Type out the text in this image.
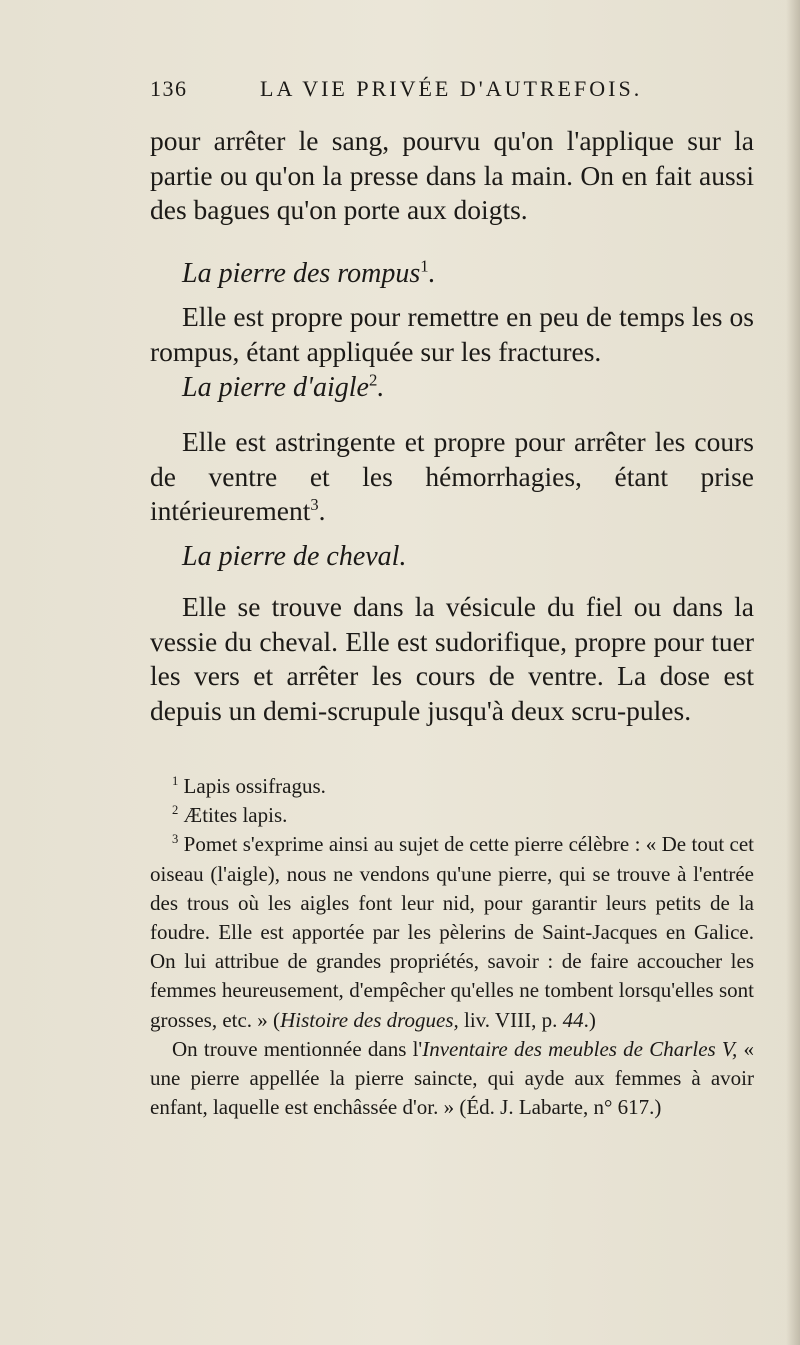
136	LA VIE PRIVÉE D'AUTREFOIS.
pour arrêter le sang, pourvu qu'on l'applique sur la partie ou qu'on la presse dans la main. On en fait aussi des bagues qu'on porte aux doigts.
La pierre des rompus$^1$.
Elle est propre pour remettre en peu de temps les os rompus, étant appliquée sur les fractures.
La pierre d'aigle$^2$.
Elle est astringente et propre pour arrêter les cours de ventre et les hémorrhagies, étant prise intérieurement$^3$.
La pierre de cheval.
Elle se trouve dans la vésicule du fiel ou dans la vessie du cheval. Elle est sudorifique, propre pour tuer les vers et arrêter les cours de ventre. La dose est depuis un demi-scrupule jusqu'à deux scru-pules.

$^1$ Lapis ossifragus.

$^2$ Ætites lapis.

$^3$ Pomet s'exprime ainsi au sujet de cette pierre célèbre : « De tout cet oiseau (l'aigle), nous ne vendons qu'une pierre, qui se trouve à l'entrée des trous où les aigles font leur nid, pour garantir leurs petits de la foudre. Elle est apportée par les pèlerins de Saint-Jacques en Galice. On lui attribue de grandes propriétés, savoir : de faire accoucher les femmes heureusement, d'empêcher qu'elles ne tombent lorsqu'elles sont grosses, etc. » (Histoire des drogues, liv. VIII, p. 44.)

On trouve mentionnée dans l'Inventaire des meubles de Charles V, « une pierre appellée la pierre saincte, qui ayde aux femmes à avoir enfant, laquelle est enchâssée d'or. » (Éd. J. Labarte, n° 617.)
